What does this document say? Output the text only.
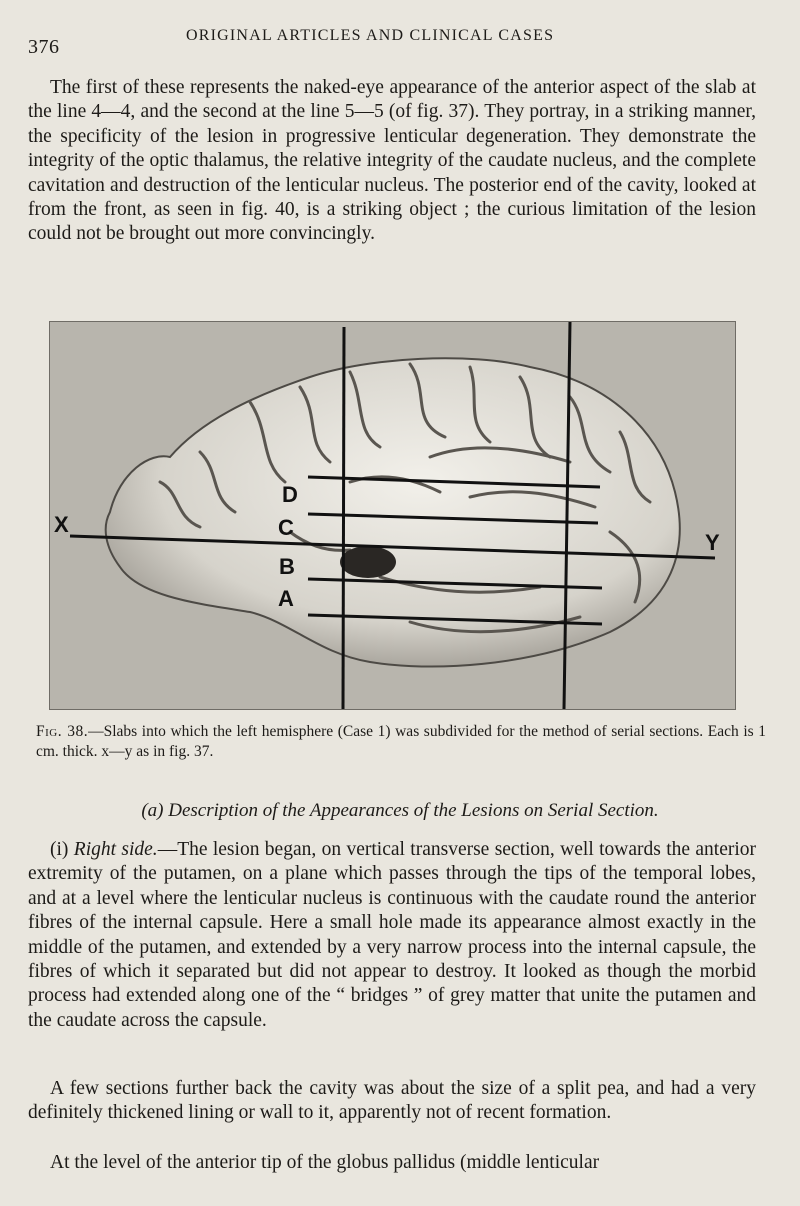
376
ORIGINAL ARTICLES AND CLINICAL CASES
The first of these represents the naked-eye appearance of the anterior aspect of the slab at the line 4—4, and the second at the line 5—5 (of fig. 37). They portray, in a striking manner, the specificity of the lesion in progressive lenticular degeneration. They demonstrate the integrity of the optic thalamus, the relative integrity of the caudate nucleus, and the complete cavitation and destruction of the lenticular nucleus. The posterior end of the cavity, looked at from the front, as seen in fig. 40, is a striking object ; the curious limitation of the lesion could not be brought out more convincingly.
X
Y
D
C
B
A
Fig. 38.—Slabs into which the left hemisphere (Case 1) was subdivided for the method of serial sections. Each is 1 cm. thick. x—y as in fig. 37.
(a) Description of the Appearances of the Lesions on Serial Section.
(i) Right side.—The lesion began, on vertical transverse section, well towards the anterior extremity of the putamen, on a plane which passes through the tips of the temporal lobes, and at a level where the lenticular nucleus is continuous with the caudate round the anterior fibres of the internal capsule. Here a small hole made its appearance almost exactly in the middle of the putamen, and extended by a very narrow process into the internal capsule, the fibres of which it separated but did not appear to destroy. It looked as though the morbid process had extended along one of the “ bridges ” of grey matter that unite the putamen and the caudate across the capsule.
A few sections further back the cavity was about the size of a split pea, and had a very definitely thickened lining or wall to it, apparently not of recent formation.
At the level of the anterior tip of the globus pallidus (middle lenticular
